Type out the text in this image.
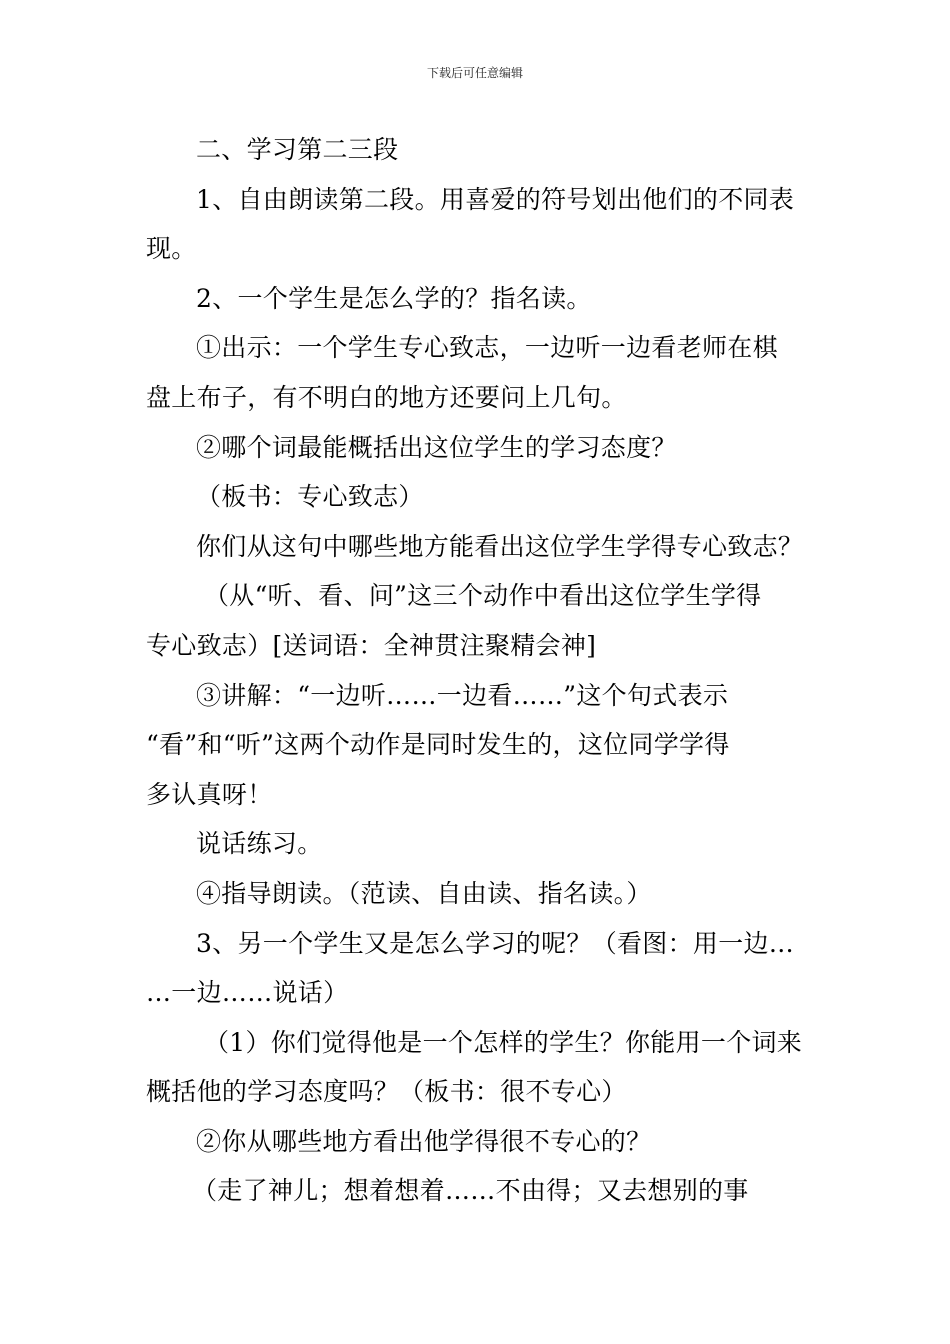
下载后可任意编辑
二、学习第二三段
1、自由朗读第二段。用喜爱的符号划出他们的不同表
现。
2、一个学生是怎么学的？指名读。
①出示：一个学生专心致志，一边听一边看老师在棋
盘上布子，有不明白的地方还要问上几句。
②哪个词最能概括出这位学生的学习态度？
（板书：专心致志）
你们从这句中哪些地方能看出这位学生学得专心致志？
（从“听、看、问”这三个动作中看出这位学生学得
专心致志）[送词语：全神贯注聚精会神]
③讲解：“一边听……一边看……”这个句式表示
“看”和“听”这两个动作是同时发生的，这位同学学得
多认真呀！
说话练习。
④指导朗读。（范读、自由读、指名读。）
3、另一个学生又是怎么学习的呢？（看图：用一边…
…一边……说话）
（1）你们觉得他是一个怎样的学生？你能用一个词来
概括他的学习态度吗？（板书：很不专心）
②你从哪些地方看出他学得很不专心的？
（走了神儿；想着想着……不由得；又去想别的事
